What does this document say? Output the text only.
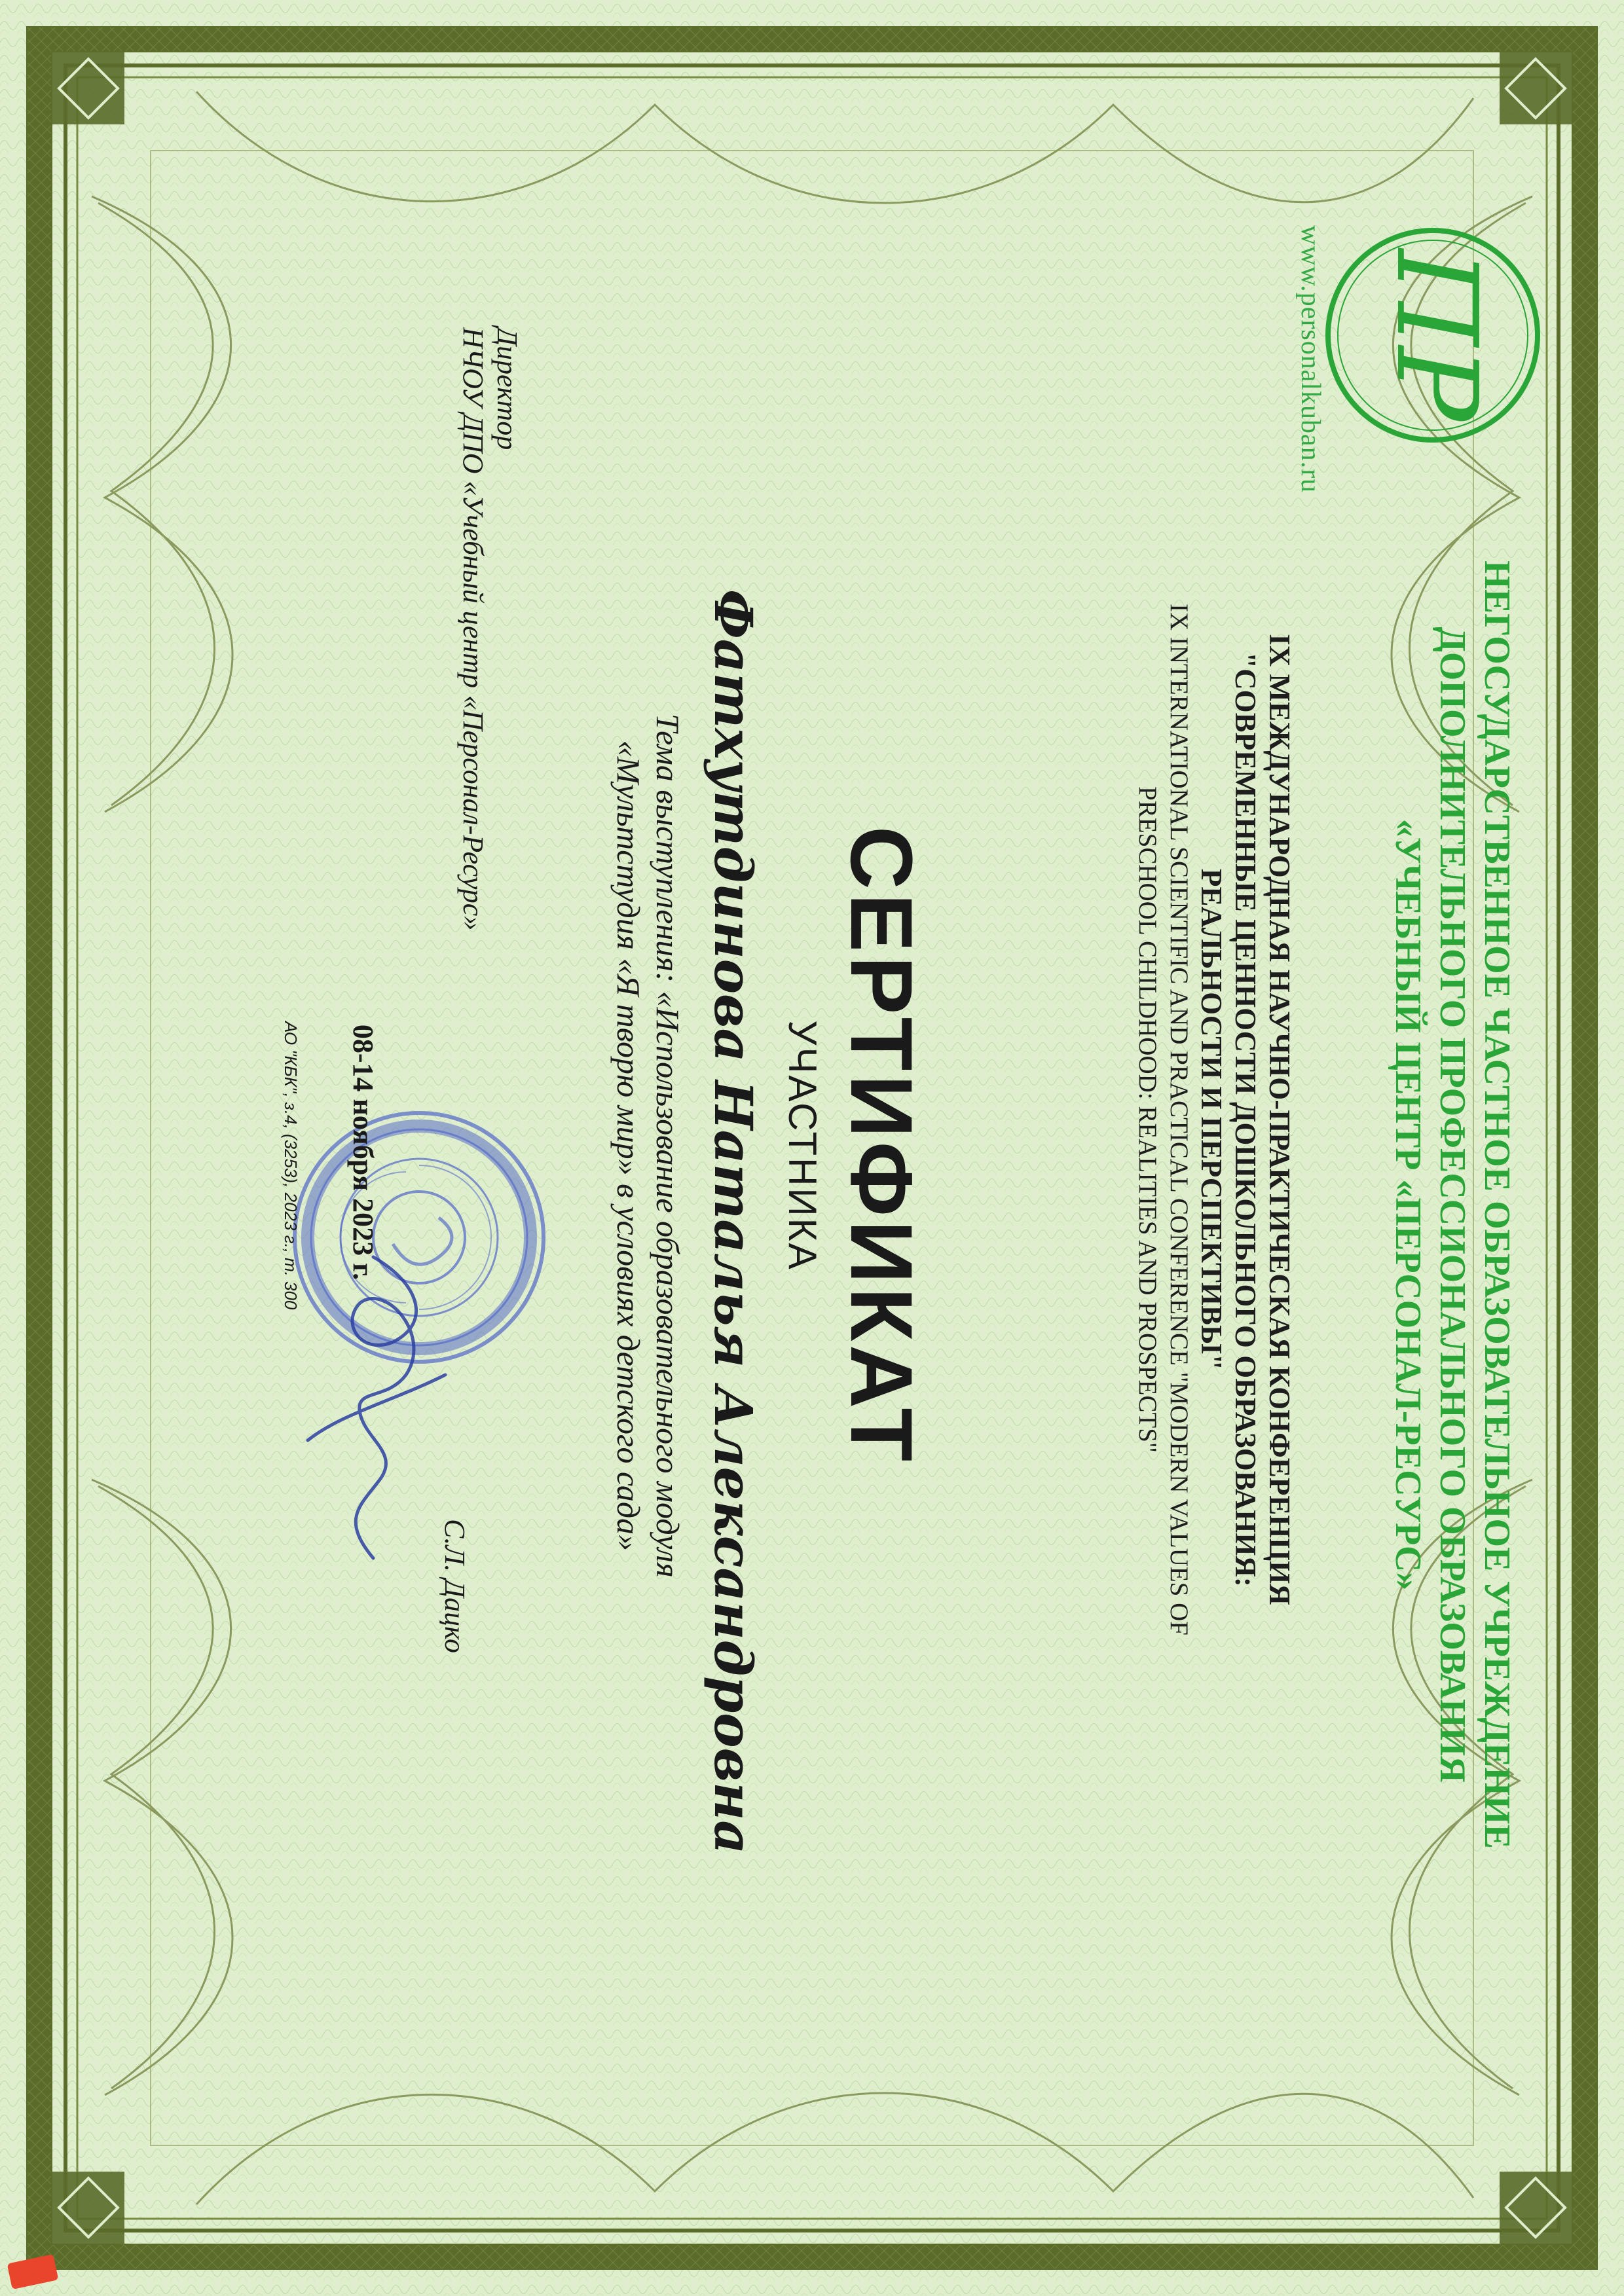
ПР
www.personalkuban.ru
НЕГОСУДАРСТВЕННОЕ ЧАСТНОЕ ОБРАЗОВАТЕЛЬНОЕ УЧРЕЖДЕНИЕ
ДОПОЛНИТЕЛЬНОГО ПРОФЕССИОНАЛЬНОГО ОБРАЗОВАНИЯ
«УЧЕБНЫЙ ЦЕНТР «ПЕРСОНАЛ-РЕСУРС»
IX МЕЖДУНАРОДНАЯ НАУЧНО-ПРАКТИЧЕСКАЯ КОНФЕРЕНЦИЯ
"СОВРЕМЕННЫЕ ЦЕННОСТИ ДОШКОЛЬНОГО ОБРАЗОВАНИЯ:
РЕАЛЬНОСТИ И ПЕРСПЕКТИВЫ"
IX INTERNATIONAL SCIENTIFIC AND PRACTICAL CONFERENCE "MODERN VALUES OF
PRESCHOOL CHILDHOOD: REALITIES AND PROSPECTS"
СЕРТИФИКАТ
УЧАСТНИКА
Фатхутдинова Наталья Александровна
Тема выступления: «Использование образовательного модуля
«Мультстудия «Я творю мир» в условиях детского сада»
Директор
НЧОУ ДПО «Учебный центр «Персонал-Ресурс»
С.Л. Дацко
08-14 ноября 2023 г.
АО "КБК", з.4, (3253), 2023 г., т. 300
